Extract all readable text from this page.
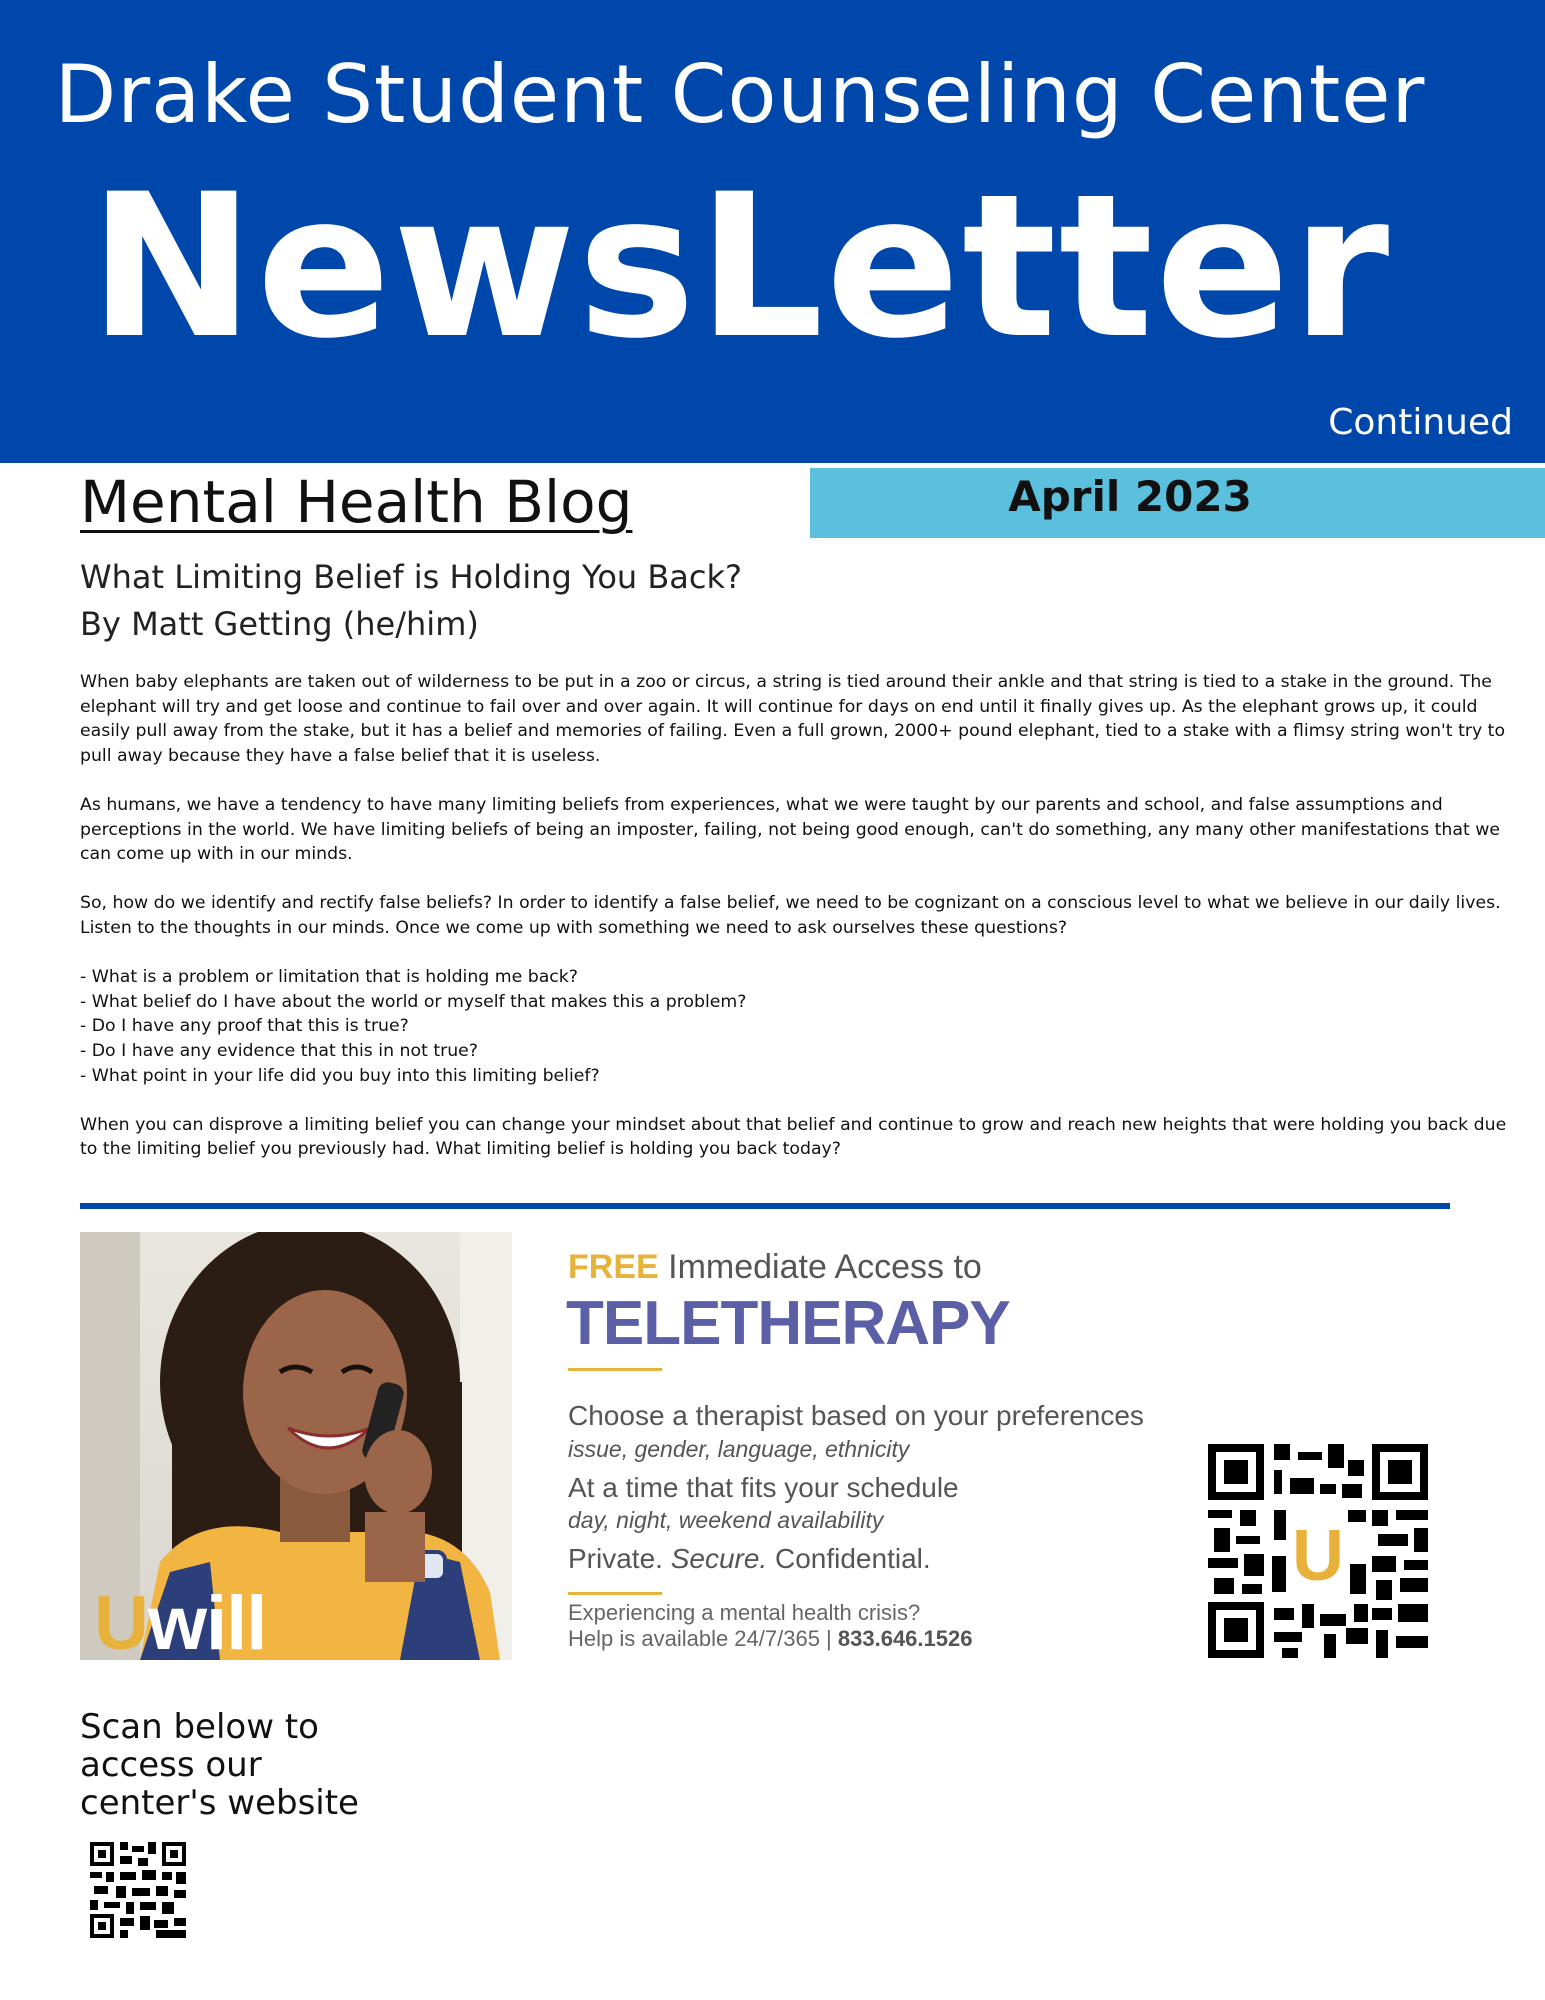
Drake Student Counseling Center
NewsLetter
Continued
Mental Health Blog	April 2023
What Limiting Belief is Holding You Back?
By Matt Getting (he/him)

When baby elephants are taken out of wilderness to be put in a zoo or circus, a string is tied around their ankle and that string is tied to a stake in the ground. The elephant will try and get loose and continue to fail over and over again. It will continue for days on end until it finally gives up. As the elephant grows up, it could easily pull away from the stake, but it has a belief and memories of failing. Even a full grown, 2000+ pound elephant, tied to a stake with a flimsy string won't try to pull away because they have a false belief that it is useless.

As humans, we have a tendency to have many limiting beliefs from experiences, what we were taught by our parents and school, and false assumptions and perceptions in the world. We have limiting beliefs of being an imposter, failing, not being good enough, can't do something, any many other manifestations that we can come up with in our minds.

So, how do we identify and rectify false beliefs? In order to identify a false belief, we need to be cognizant on a conscious level to what we believe in our daily lives. Listen to the thoughts in our minds. Once we come up with something we need to ask ourselves these questions?

- What is a problem or limitation that is holding me back?
- What belief do I have about the world or myself that makes this a problem?
- Do I have any proof that this is true?
- Do I have any evidence that this in not true?
- What point in your life did you buy into this limiting belief?

When you can disprove a limiting belief you can change your mindset about that belief and continue to grow and reach new heights that were holding you back due to the limiting belief you previously had. What limiting belief is holding you back today?

Uwill
FREE Immediate Access to
TELETHERAPY
Choose a therapist based on your preferences
issue, gender, language, ethnicity
At a time that fits your schedule
day, night, weekend availability
Private. Secure. Confidential.
Experiencing a mental health crisis?
Help is available 24/7/365 | 833.646.1526
U
Scan below to access our center's website
